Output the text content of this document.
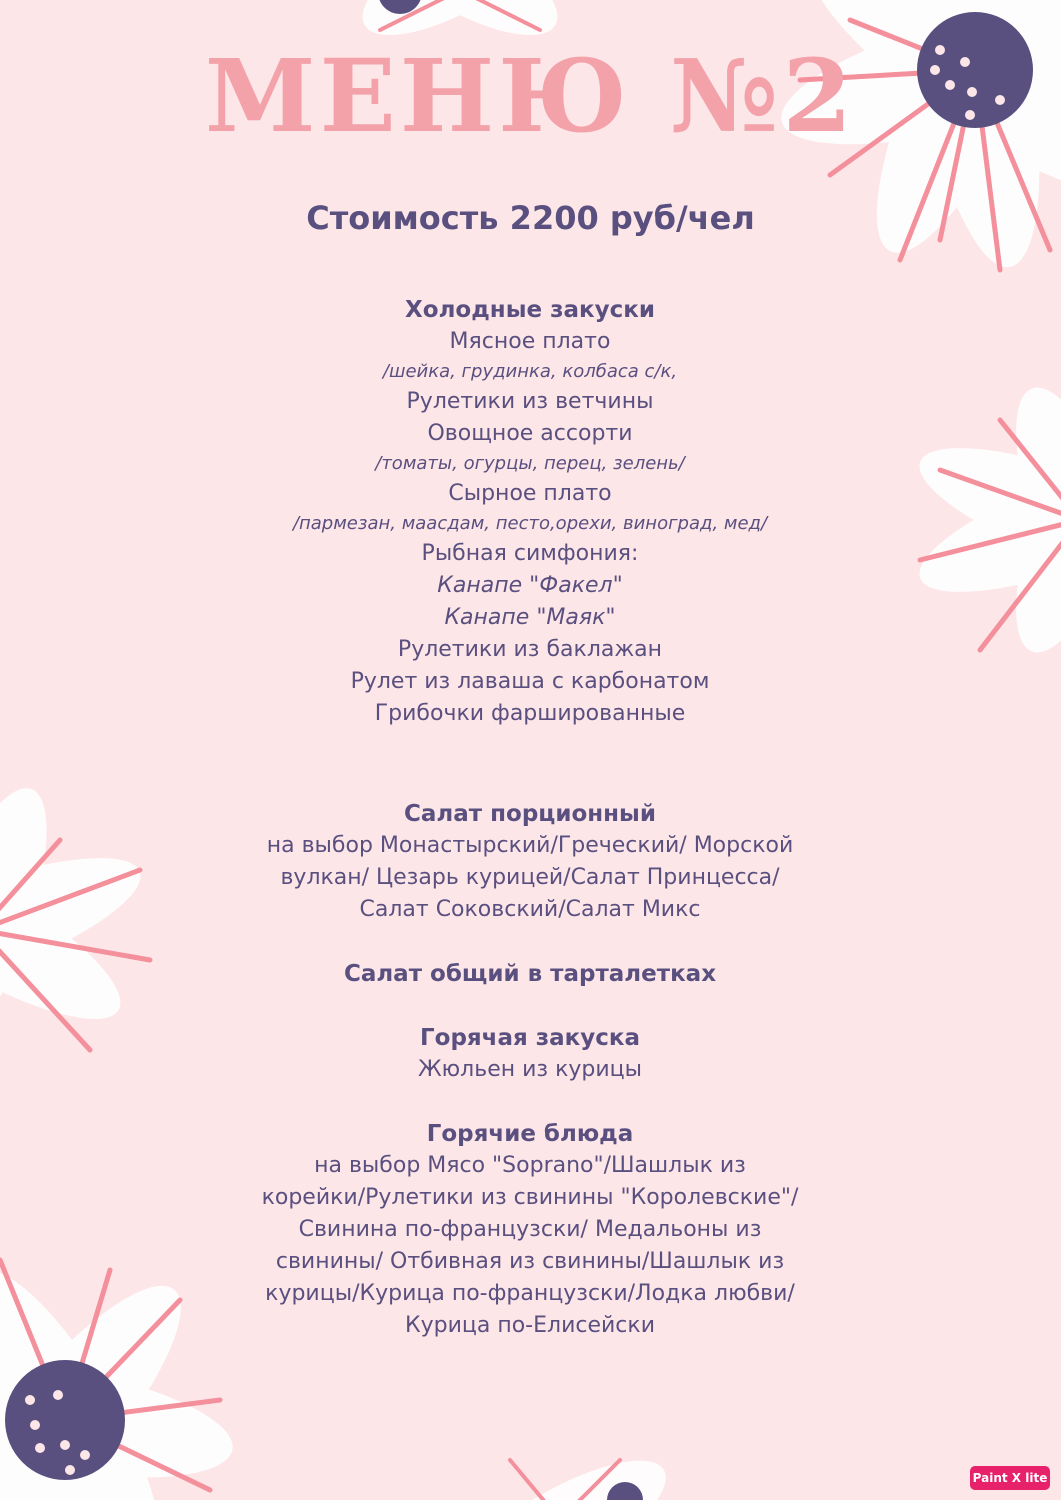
МЕНЮ №2
Стоимость 2200 руб/чел

Холодные закуски

Мясное плато

/шейка, грудинка, колбаса с/к,

Рулетики из ветчины

Овощное ассорти

/томаты, огурцы, перец, зелень/

Сырное плато

/пармезан, маасдам, песто,орехи, виноград, мед/

Рыбная симфония:

Канапе "Факел"

Канапе "Маяк"

Рулетики из баклажан

Рулет из лаваша с карбонатом

Грибочки фаршированные

Салат порционный

на выбор Монастырский/Греческий/ Морской вулкан/ Цезарь курицей/Салат Принцесса/Салат Соковский/Салат Микс

Салат общий в тарталетках

Горячая закуска

Жюльен из курицы

Горячие блюда

на выбор Мясо "Soprano"/Шашлык из корейки/Рулетики из свинины "Королевские"/Свинина по-французски/ Медальоны из свинины/ Отбивная из свинины/Шашлык из курицы/Курица по-французски/Лодка любви/Курица по-Елисейски

Paint X lite
